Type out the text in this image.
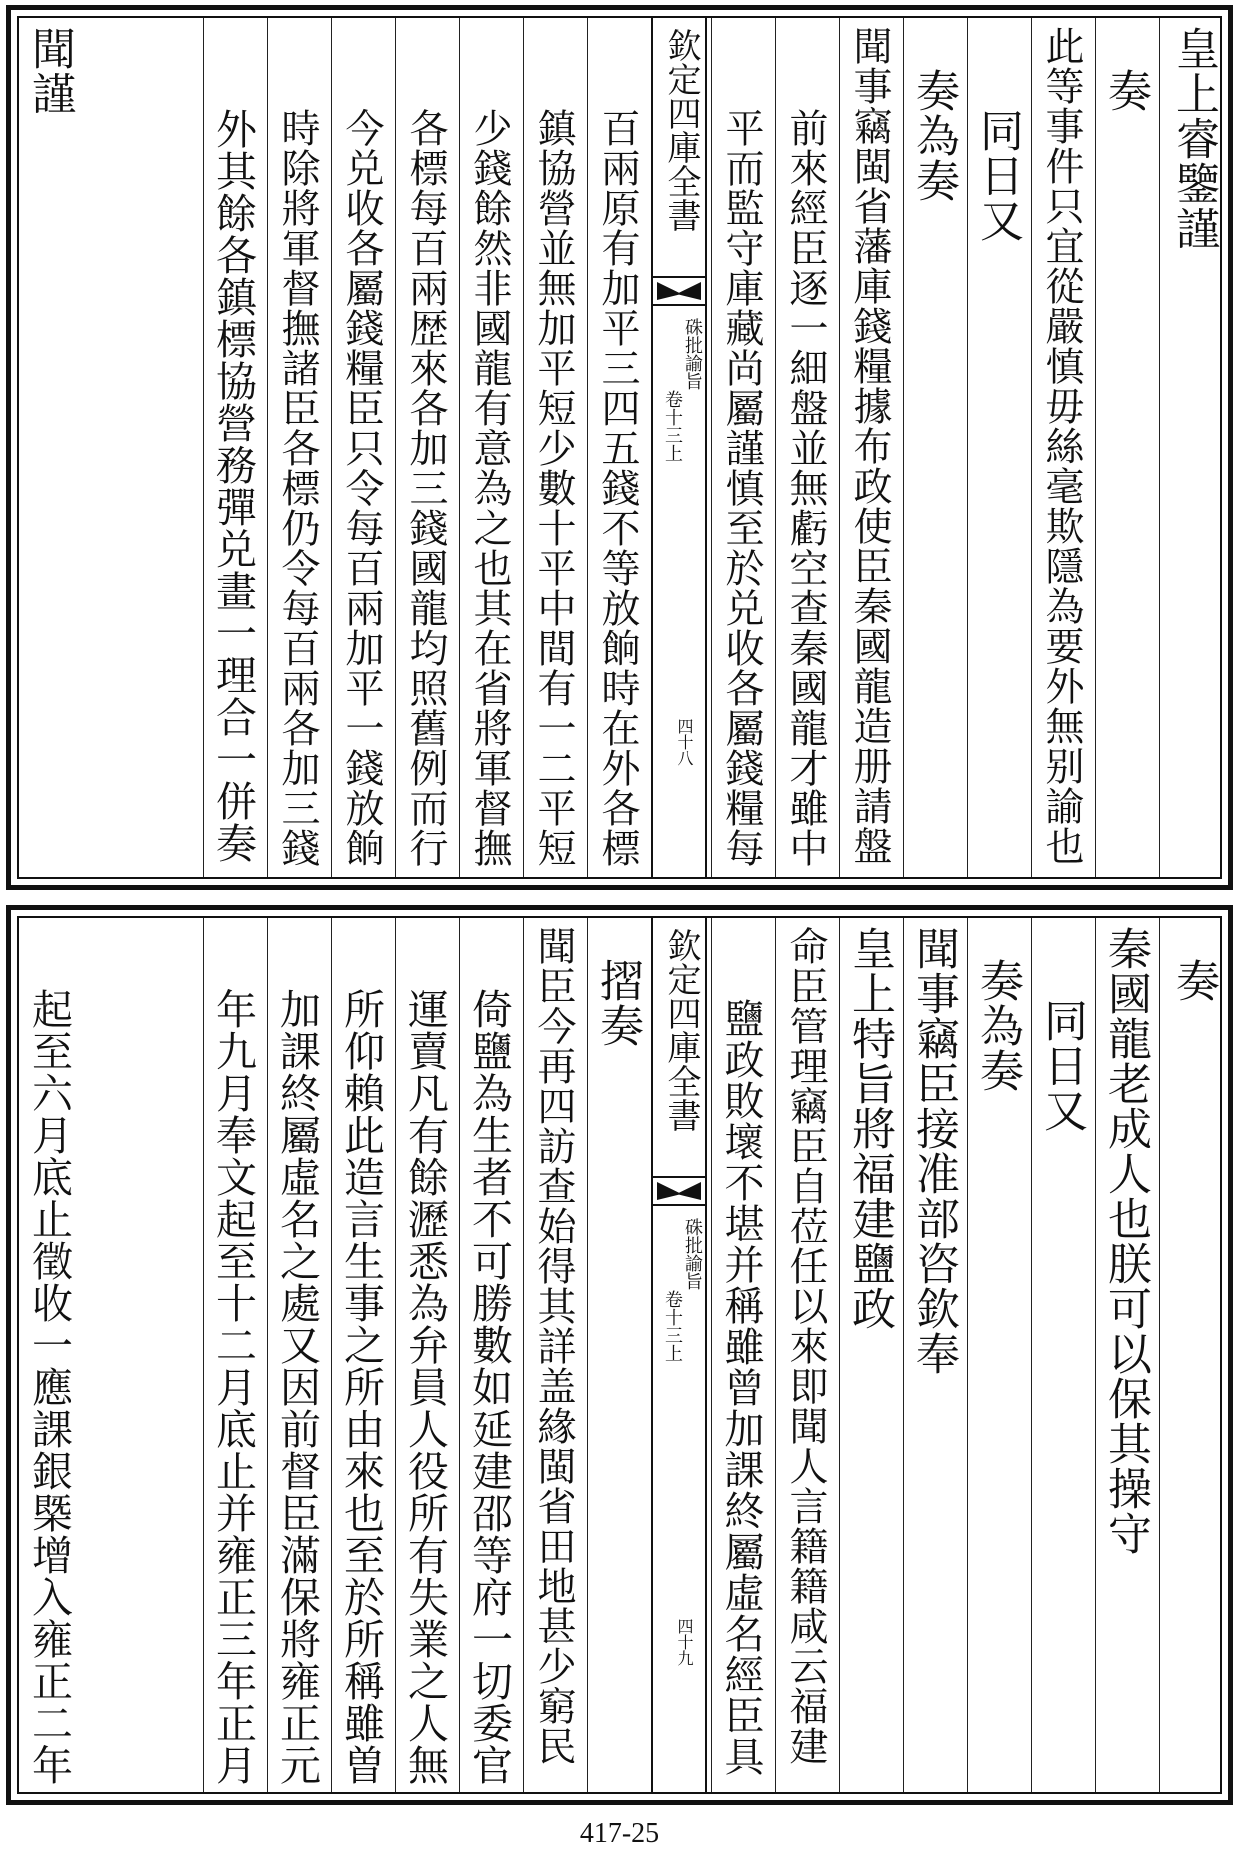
皇上睿鑒謹
奏
此等事件只宜從嚴慎毋絲毫欺隱為要外無别諭也
同日又
奏為奏
聞事竊閩省藩庫錢糧據布政使臣秦國龍造册請盤
前來經臣逐一細盤並無虧空查秦國龍才雖中
平而監守庫藏尚屬謹慎至於兑收各屬錢糧每
欽定四庫全書
硃批諭旨
卷十三上
四十八
百兩原有加平三四五錢不等放餉時在外各標
鎮協營並無加平短少數十平中間有一二平短
少錢餘然非國龍有意為之也其在省將軍督撫
各標每百兩歴來各加三錢國龍均照舊例而行
今兑收各屬錢糧臣只令每百兩加平一錢放餉
時除將軍督撫諸臣各標仍令每百兩各加三錢
外其餘各鎮標協營務彈兑畫一理合一併奏
聞謹
奏
秦國龍老成人也朕可以保其操守
同日又
奏為奏
聞事竊臣接准部咨欽奉
皇上特旨將福建鹽政
命臣管理竊臣自莅任以來即聞人言籍籍咸云福建
鹽政敗壞不堪并稱雖曾加課終屬虛名經臣具
欽定四庫全書
硃批諭旨
卷十三上
四十九
摺奏
聞臣今再四訪查始得其詳盖緣閩省田地甚少窮民
倚鹽為生者不可勝數如延建邵等府一切委官
運賣凡有餘瀝悉為弁員人役所有失業之人無
所仰賴此造言生事之所由來也至於所稱雖曽
加課終屬虛名之處又因前督臣滿保將雍正元
年九月奉文起至十二月底止并雍正三年正月
起至六月底止徵收一應課銀槩增入雍正二年
417-25
